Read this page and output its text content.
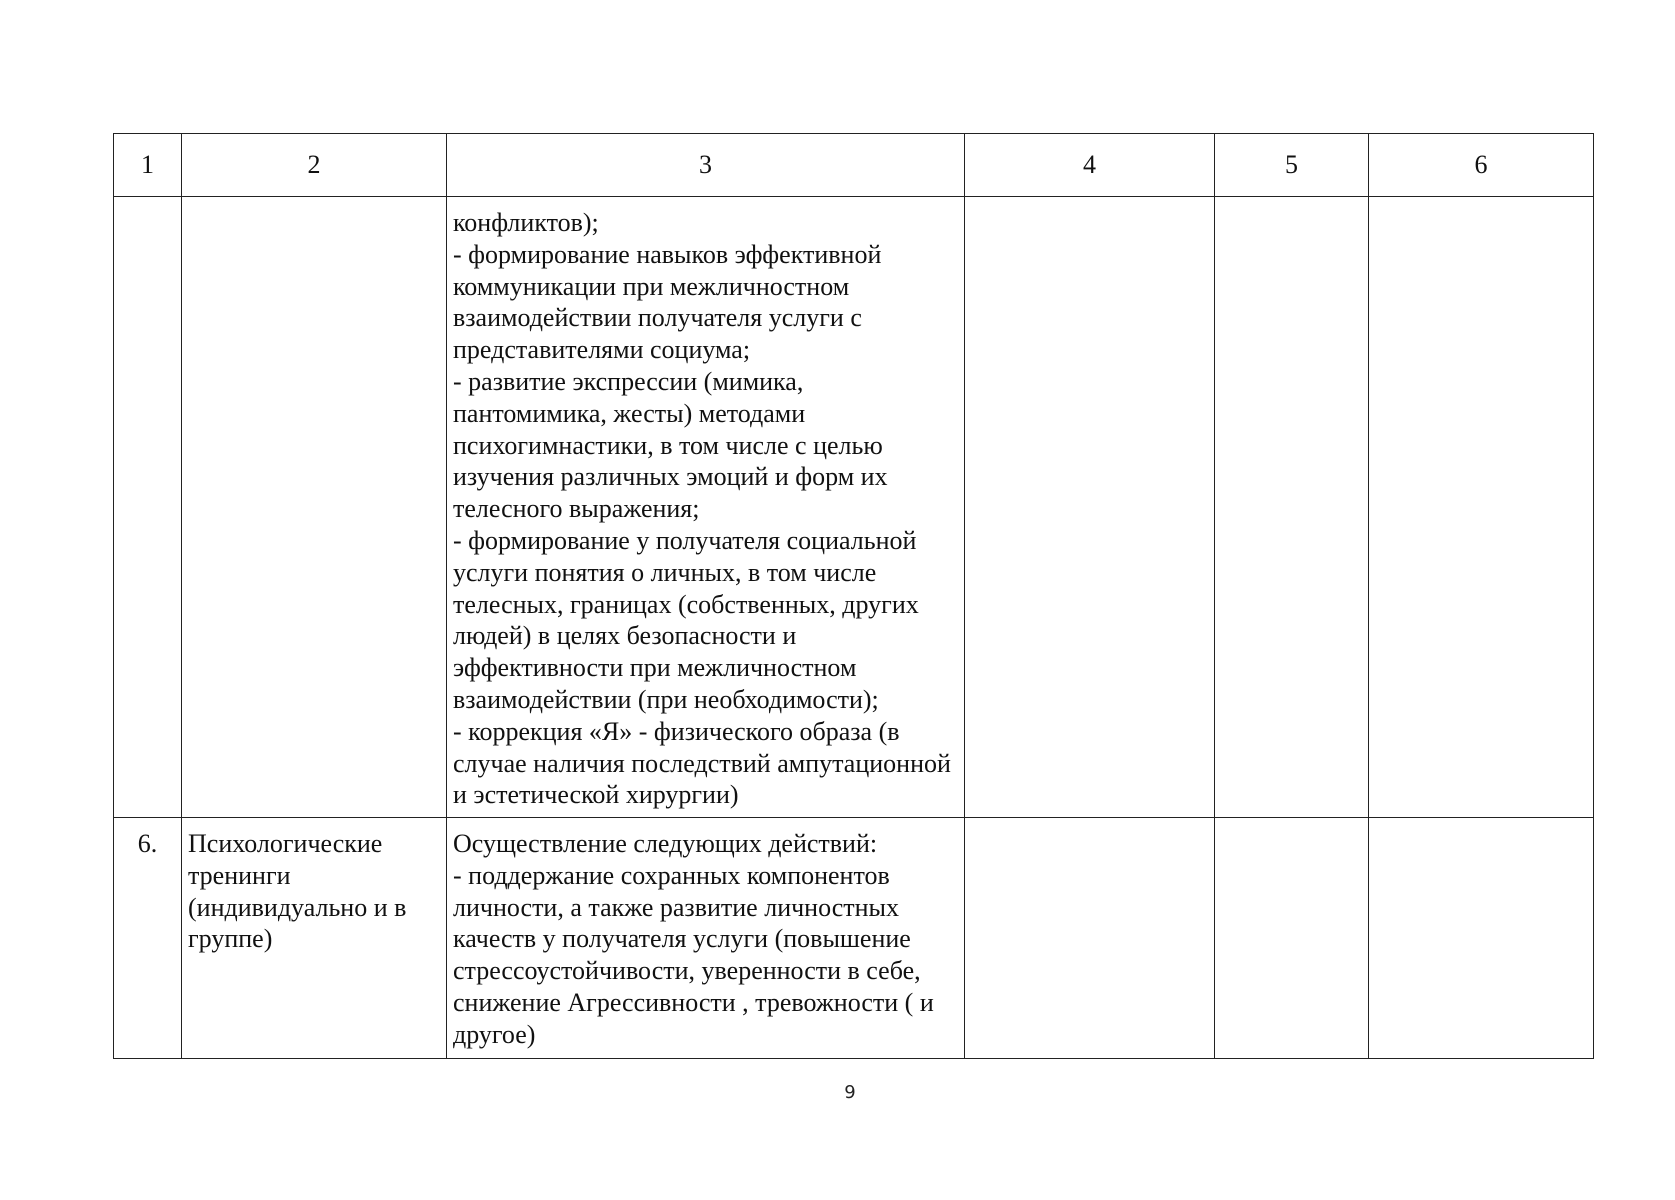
1	2	3	4	5	6

		конфликтов);
- формирование навыков эффективной коммуникации при межличностном взаимодействии получателя услуги с представителями социума;
- развитие экспрессии (мимика, пантомимика, жесты) методами психогимнастики, в том числе с целью изучения различных эмоций и форм их телесного выражения;
- формирование у получателя социальной услуги понятия о личных, в том числе телесных, границах (собственных, других людей) в целях безопасности и эффективности при межличностном взаимодействии (при необходимости);
- коррекция «Я» - физического образа (в случае наличия последствий ампутационной и эстетической хирургии)			

6.	Психологические тренинги (индивидуально и в группе)	Осуществление следующих действий:
- поддержание сохранных компонентов личности, а также развитие личностных качеств у получателя услуги (повышение стрессоустойчивости, уверенности в себе, снижение Агрессивности , тревожности ( и другое)			

9
